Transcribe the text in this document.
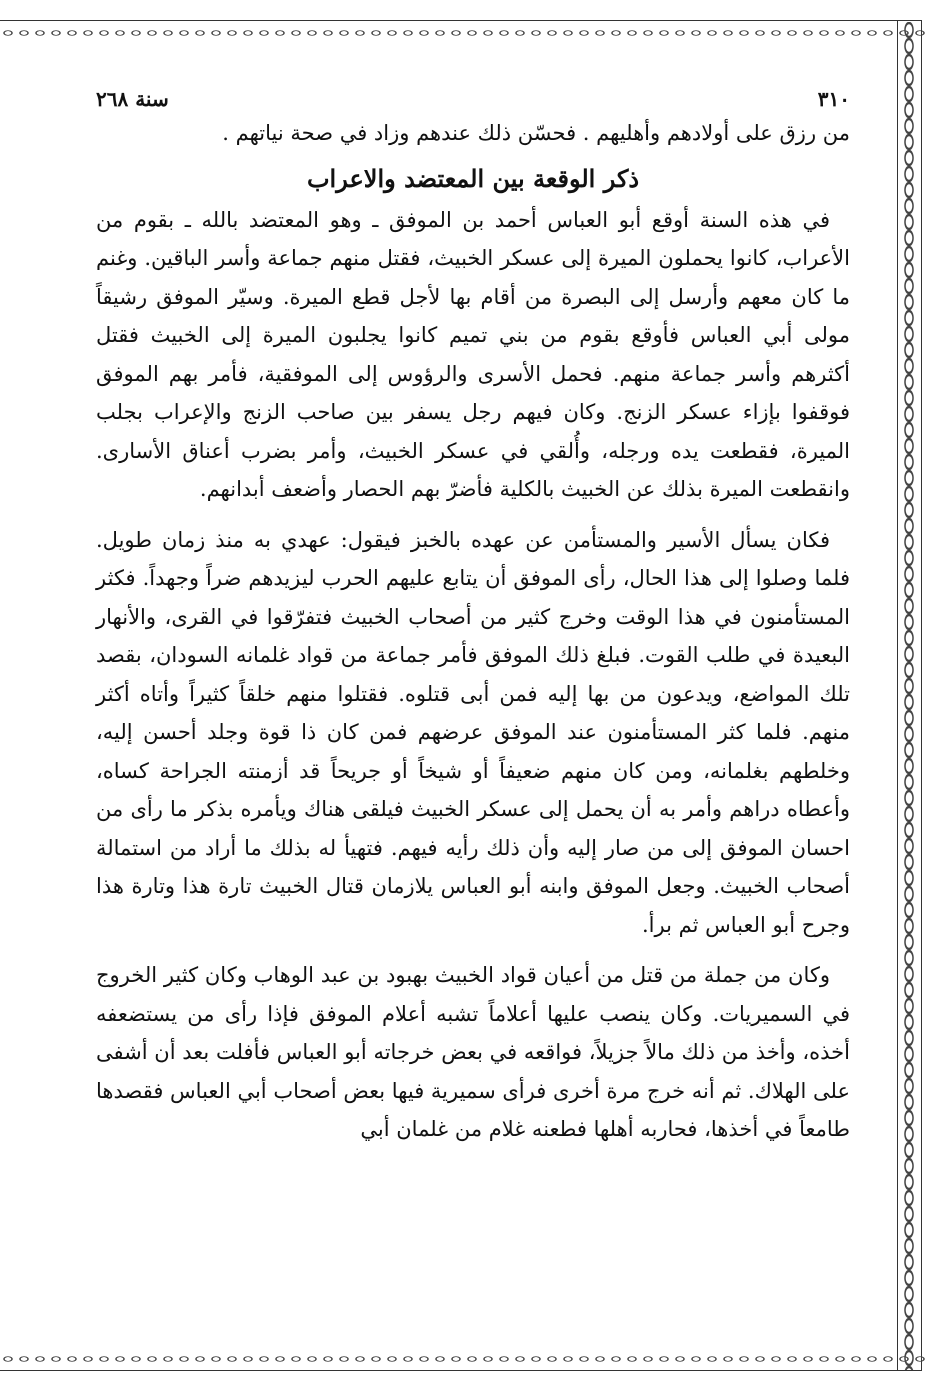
٣١٠
سنة ٢٦٨

من رزق على أولادهم وأهليهم . فحسّن ذلك عندهم وزاد في صحة نياتهم .

ذكر الوقعة بين المعتضد والاعراب

في هذه السنة أوقع أبو العباس أحمد بن الموفق ـ وهو المعتضد بالله ـ بقوم من الأعراب، كانوا يحملون الميرة إلى عسكر الخبيث، فقتل منهم جماعة وأسر الباقين. وغنم ما كان معهم وأرسل إلى البصرة من أقام بها لأجل قطع الميرة. وسيّر الموفق رشيقاً مولى أبي العباس فأوقع بقوم من بني تميم كانوا يجلبون الميرة إلى الخبيث فقتل أكثرهم وأسر جماعة منهم. فحمل الأسرى والرؤوس إلى الموفقية، فأمر بهم الموفق فوقفوا بإزاء عسكر الزنج. وكان فيهم رجل يسفر بين صاحب الزنج والإعراب بجلب الميرة، فقطعت يده ورجله، وأُلقي في عسكر الخبيث، وأمر بضرب أعناق الأسارى. وانقطعت الميرة بذلك عن الخبيث بالكلية فأضرّ بهم الحصار وأضعف أبدانهم.

فكان يسأل الأسير والمستأمن عن عهده بالخبز فيقول: عهدي به منذ زمان طويل. فلما وصلوا إلى هذا الحال، رأى الموفق أن يتابع عليهم الحرب ليزيدهم ضراً وجهداً. فكثر المستأمنون في هذا الوقت وخرج كثير من أصحاب الخبيث فتفرّقوا في القرى، والأنهار البعيدة في طلب القوت. فبلغ ذلك الموفق فأمر جماعة من قواد غلمانه السودان، بقصد تلك المواضع، ويدعون من بها إليه فمن أبى قتلوه. فقتلوا منهم خلقاً كثيراً وأتاه أكثر منهم. فلما كثر المستأمنون عند الموفق عرضهم فمن كان ذا قوة وجلد أحسن إليه، وخلطهم بغلمانه، ومن كان منهم ضعيفاً أو شيخاً أو جريحاً قد أزمنته الجراحة كساه، وأعطاه دراهم وأمر به أن يحمل إلى عسكر الخبيث فيلقى هناك ويأمره بذكر ما رأى من احسان الموفق إلى من صار إليه وأن ذلك رأيه فيهم. فتهيأ له بذلك ما أراد من استمالة أصحاب الخبيث. وجعل الموفق وابنه أبو العباس يلازمان قتال الخبيث تارة هذا وتارة هذا وجرح أبو العباس ثم برأ.

وكان من جملة من قتل من أعيان قواد الخبيث بهبود بن عبد الوهاب وكان كثير الخروج في السميريات. وكان ينصب عليها أعلاماً تشبه أعلام الموفق فإذا رأى من يستضعفه أخذه، وأخذ من ذلك مالاً جزيلاً، فواقعه في بعض خرجاته أبو العباس فأفلت بعد أن أشفى على الهلاك. ثم أنه خرج مرة أخرى فرأى سميرية فيها بعض أصحاب أبي العباس فقصدها طامعاً في أخذها، فحاربه أهلها فطعنه غلام من غلمان أبي
